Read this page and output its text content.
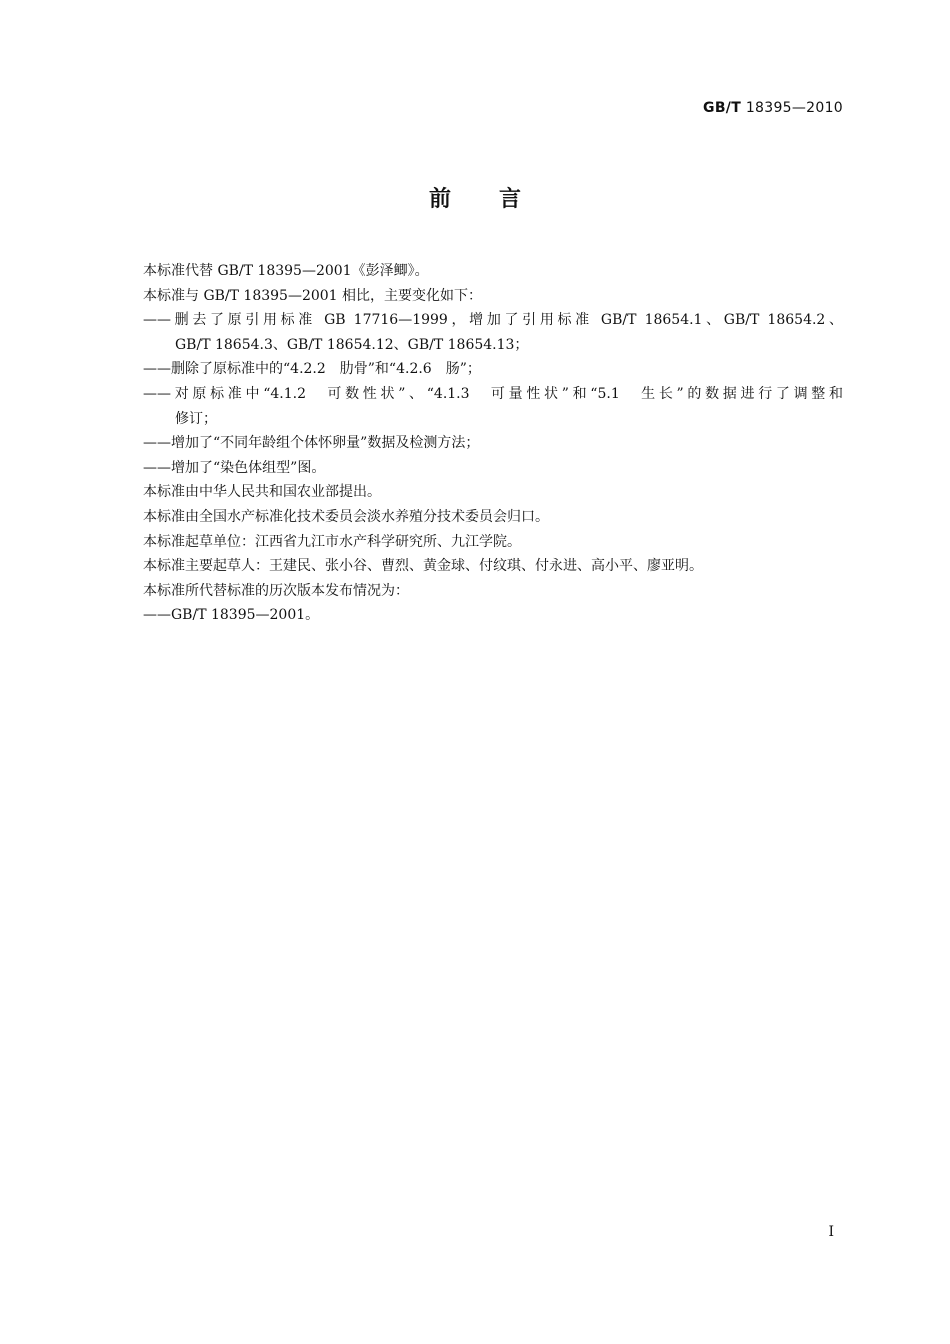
GB/T 18395—2010
前言
本标准代替 GB/T 18395—2001《彭泽鲫》。
本标准与 GB/T 18395—2001 相比，主要变化如下：
——删去了原引用标准 GB 17716—1999，增加了引用标准 GB/T 18654.1、GB/T 18654.2、
GB/T 18654.3、GB/T 18654.12、GB/T 18654.13；
——删除了原标准中的“4.2.2　肋骨”和“4.2.6　肠”；
——对原标准中“4.1.2　可数性状”、“4.1.3　可量性状”和“5.1　生长”的数据进行了调整和
修订；
——增加了“不同年龄组个体怀卵量”数据及检测方法；
——增加了“染色体组型”图。
本标准由中华人民共和国农业部提出。
本标准由全国水产标准化技术委员会淡水养殖分技术委员会归口。
本标准起草单位：江西省九江市水产科学研究所、九江学院。
本标准主要起草人：王建民、张小谷、曹烈、黄金球、付纹琪、付永进、高小平、廖亚明。
本标准所代替标准的历次版本发布情况为：
——GB/T 18395—2001。
I
